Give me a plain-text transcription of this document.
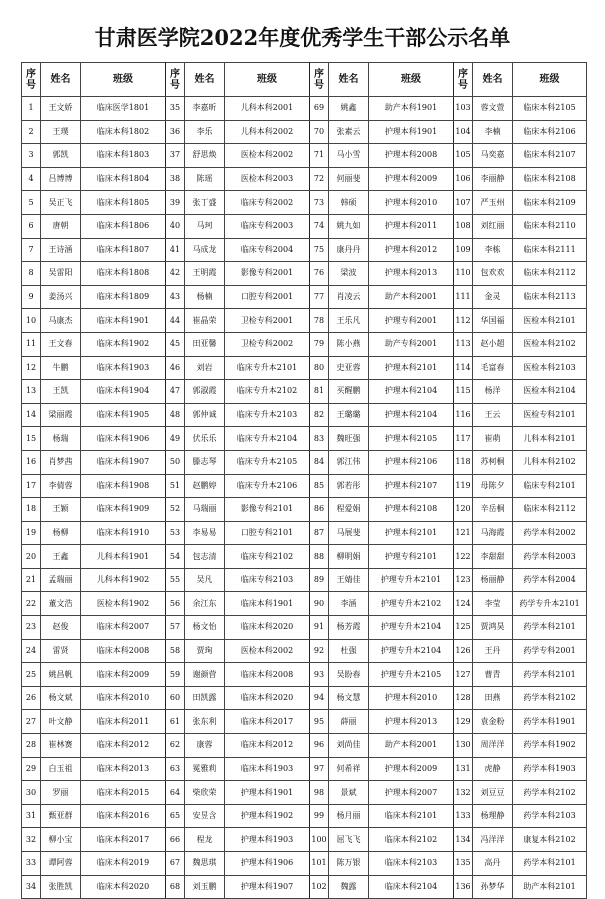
甘肃医学院2022年度优秀学生干部公示名单
序号	姓名	班级	序号	姓名	班级	序号	姓名	班级	序号	姓名	班级
1	王文娇	临床医学1801	35	李嘉昕	儿科本科2001	69	姚鑫	助产本科1901	103	蓉文萱	临床本科2105
2	王璞	临床本科1802	36	李乐	儿科本科2002	70	张素云	护理本科1901	104	李楠	临床本科2106
3	郭凯	临床本科1803	37	舒思焕	医检本科2002	71	马小雪	护理本科2008	105	马奕嘉	临床本科2107
4	吕博博	临床本科1804	38	陈瑶	医检本科2003	72	何丽斐	护理本科2009	106	李丽静	临床本科2108
5	吴正飞	临床本科1805	39	张丁盛	临床专科2002	73	韩硕	护理本科2010	107	严玉州	临床本科2109
6	唐朝	临床本科1806	40	马珂	临床专科2003	74	姚九如	护理本科2011	108	刘红丽	临床本科2110
7	王诗涵	临床本科1807	41	马成龙	临床专科2004	75	康丹丹	护理本科2012	109	李栋	临床本科2111
8	吴雷阳	临床本科1808	42	王明霞	影像专科2001	76	梁波	护理本科2013	110	包欢欢	临床本科2112
9	姜汤兴	临床本科1809	43	杨楠	口腔专科2001	77	肖凌云	助产本科2001	111	金灵	临床本科2113
10	马康杰	临床本科1901	44	崔晶荣	卫检专科2001	78	王乐凡	护理专科2001	112	华国福	医检本科2101
11	王文春	临床本科1902	45	田亚馨	卫检专科2002	79	陈小燕	助产专科2001	113	赵小超	医检本科2102
12	牛鹏	临床本科1903	46	刘岩	临床专升本2101	80	史亚蓉	护理本科2101	114	毛富春	医检本科2103
13	王凯	临床本科1904	47	郭淑霞	临床专升本2102	81	买醒鹏	护理本科2104	115	杨洋	医检本科2104
14	梁丽霞	临床本科1905	48	郭仲诚	临床专升本2103	82	王璐璐	护理本科2104	116	王云	医检专科2101
15	杨瑞	临床本科1906	49	伏乐乐	临床专升本2104	83	魏旺强	护理本科2105	117	崔萌	儿科本科2101
16	肖梦茜	临床本科1907	50	滕志琴	临床专升本2105	84	郭江伟	护理本科2106	118	苏柯桐	儿科本科2102
17	李倩蓉	临床本科1908	51	赵鹏婷	临床专升本2106	85	郭若彤	护理本科2107	119	母陈夕	临床专科2101
18	王颖	临床本科1909	52	马瑞丽	影像专科2101	86	程爱娟	护理本科2108	120	辛岳桐	临床本科2112
19	杨柳	临床本科1910	53	李易易	口腔专科2101	87	马展斐	护理本科2101	121	马海霞	药学本科2002
20	王鑫	儿科本科1901	54	包志清	临床专科2102	88	柳明娟	护理专科2101	122	李甜甜	药学本科2003
21	孟瑞丽	儿科本科1902	55	吴凡	临床专科2103	89	王婧佳	护理专升本2101	123	杨丽静	药学本科2004
22	董文浩	医检本科1902	56	余江东	临床本科1901	90	李涵	护理专升本2102	124	李莹	药学专升本2101
23	赵俊	临床本科2007	57	杨文怡	临床本科2020	91	杨芳霞	护理专升本2104	125	贾鸿昊	药学本科2101
24	雷贤	临床本科2008	58	贾珣	医检本科2002	92	杜强	护理专升本2104	126	王丹	药学专科2001
25	姚昌帆	临床本科2009	59	谢颜营	临床本科2008	93	吴盼春	护理专升本2105	127	曹青	药学本科2101
26	杨文斌	临床本科2010	60	田凯露	临床本科2020	94	杨文慧	护理本科2010	128	田燕	药学本科2102
27	叶文静	临床本科2011	61	张东利	临床本科2017	95	薛丽	护理本科2013	129	袁金粉	药学本科1901
28	崔林赛	临床本科2012	62	康蓉	临床本科2012	96	刘尚佳	助产本科2001	130	周洋洋	药学本科1902
29	白玉祖	临床本科2013	63	冕雅莉	临床本科1903	97	何希祥	护理本科2009	131	虎静	药学本科1903
30	罗丽	临床本科2015	64	柴欣荣	护理本科1901	98	景斌	护理本科2007	132	刘豆豆	药学本科2102
31	甄亚群	临床本科2016	65	安昱含	护理本科1902	99	杨月丽	临床本科2101	133	杨理静	药学本科2103
32	柳小宝	临床本科2017	66	程龙	护理本科1903	100	屈飞飞	临床本科2102	134	冯洋洋	康复本科2102
33	谭阿蓉	临床本科2019	67	魏思琪	护理本科1906	101	陈万银	临床本科2103	135	高丹	药学本科2101
34	张胜凯	临床本科2020	68	刘玉鹏	护理本科1907	102	魏露	临床本科2104	136	孙梦华	助产本科2101
